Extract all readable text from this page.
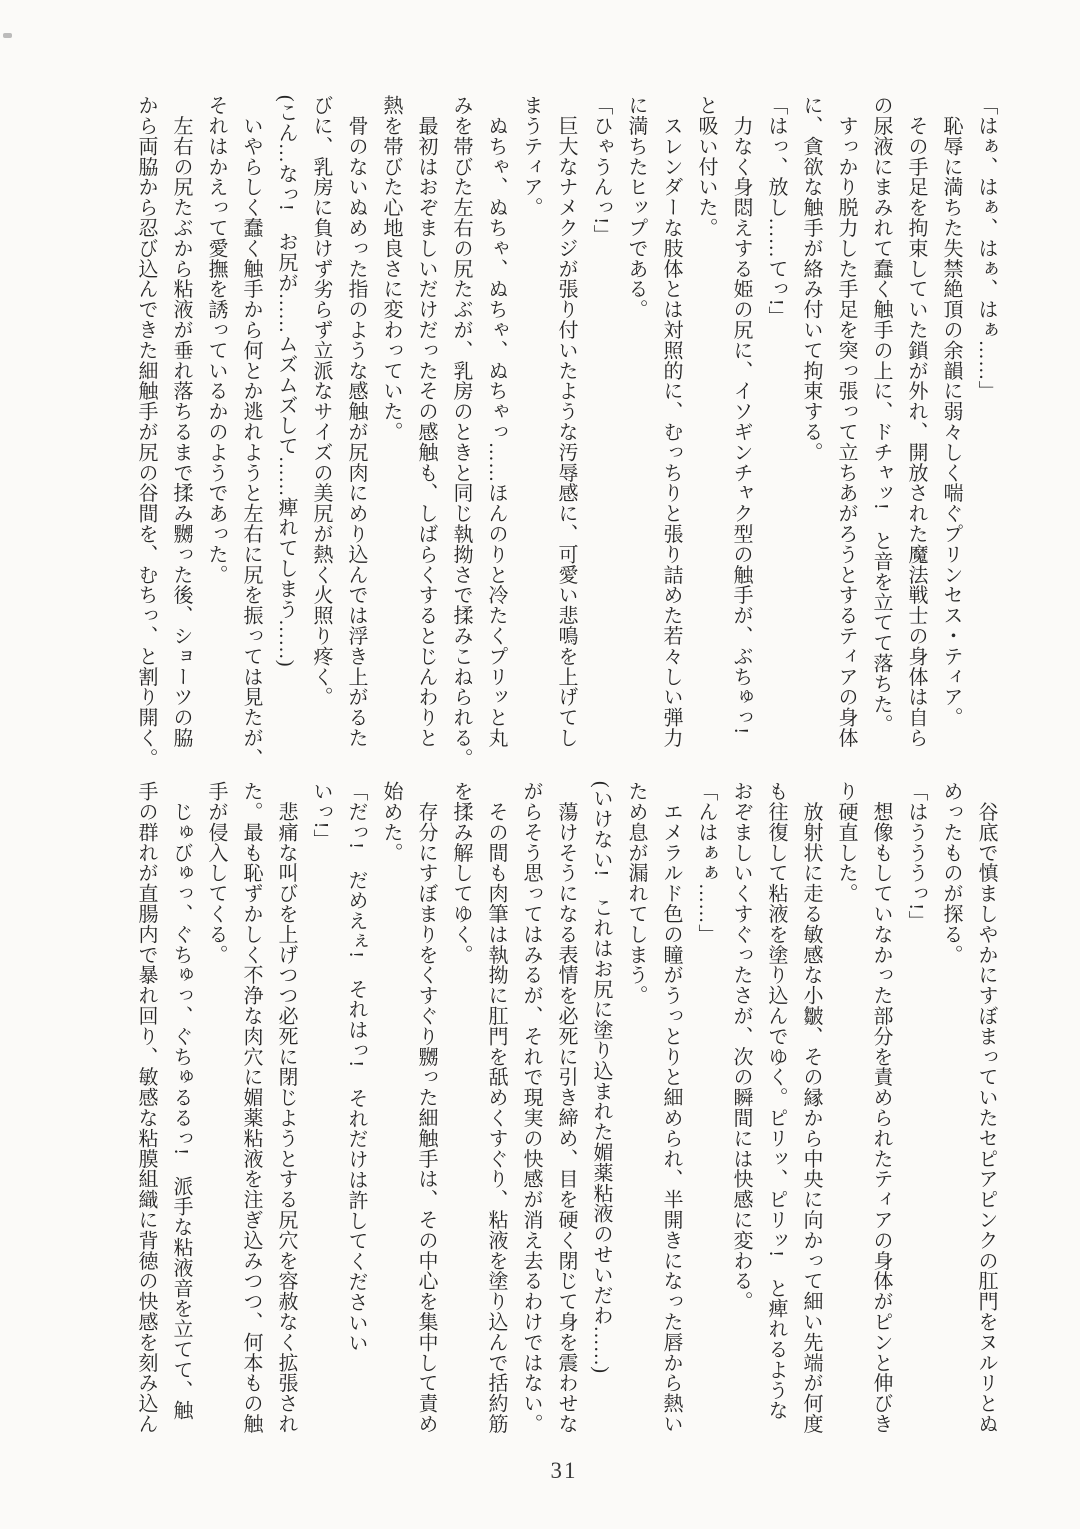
「はぁ、はぁ、はぁ、はぁ……」

　恥辱に満ちた失禁絶頂の余韻に弱々しく喘ぐプリンセス・ティア。

　その手足を拘束していた鎖が外れ、開放された魔法戦士の身体は自ら

の尿液にまみれて蠢く触手の上に、ドチャッ!　と音を立てて落ちた。

　すっかり脱力した手足を突っ張って立ちあがろうとするティアの身体

に、貪欲な触手が絡み付いて拘束する。

「はっ、放し……てっ!」

　力なく身悶えする姫の尻に、イソギンチャク型の触手が、ぶちゅっ!

と吸い付いた。

　スレンダーな肢体とは対照的に、むっちりと張り詰めた若々しい弾力

に満ちたヒップである。

「ひゃうんっ!」

　巨大なナメクジが張り付いたような汚辱感に、可愛い悲鳴を上げてし

まうティア。

　ぬちゃ、ぬちゃ、ぬちゃ、ぬちゃっ……ほんのりと冷たくプリッと丸

みを帯びた左右の尻たぶが、乳房のときと同じ執拗さで揉みこねられる。

　最初はおぞましいだけだったその感触も、しばらくするとじんわりと

熱を帯びた心地良さに変わっていた。

　骨のないぬめった指のような感触が尻肉にめり込んでは浮き上がるた

びに、乳房に負けず劣らず立派なサイズの美尻が熱く火照り疼く。

(こん…なっ!　お尻が……ムズムズして……痺れてしまう……)

　いやらしく蠢く触手から何とか逃れようと左右に尻を振っては見たが、

それはかえって愛撫を誘っているかのようであった。

　左右の尻たぶから粘液が垂れ落ちるまで揉み嬲った後、ショーツの脇

から両脇から忍び込んできた細触手が尻の谷間を、むちっ、と割り開く。

　谷底で慎ましやかにすぼまっていたセピアピンクの肛門をヌルリとぬ

めったものが探る。

「はうううっ!」

　想像もしていなかった部分を責められたティアの身体がピンと伸びき

り硬直した。

　放射状に走る敏感な小皺、その縁から中央に向かって細い先端が何度

も往復して粘液を塗り込んでゆく。ピリッ、ピリッ!　と痺れるような

おぞましいくすぐったさが、次の瞬間には快感に変わる。

「んはぁぁ……」

　エメラルド色の瞳がうっとりと細められ、半開きになった唇から熱い

ため息が漏れてしまう。

(いけない!　これはお尻に塗り込まれた媚薬粘液のせいだわ……)

　蕩けそうになる表情を必死に引き締め、目を硬く閉じて身を震わせな

がらそう思ってはみるが、それで現実の快感が消え去るわけではない。

　その間も肉筆は執拗に肛門を舐めくすぐり、粘液を塗り込んで括約筋

を揉み解してゆく。

　存分にすぼまりをくすぐり嬲った細触手は、その中心を集中して責め

始めた。

「だっ!　だめえぇ!　それはっ!　それだけは許してくださいい

いっ!」

　悲痛な叫びを上げつつ必死に閉じようとする尻穴を容赦なく拡張され

た。最も恥ずかしく不浄な肉穴に媚薬粘液を注ぎ込みつつ、何本もの触

手が侵入してくる。

　じゅびゅっ、ぐちゅっ、ぐちゅるるっ!　派手な粘液音を立てて、触

手の群れが直腸内で暴れ回り、敏感な粘膜組織に背徳の快感を刻み込ん

31
